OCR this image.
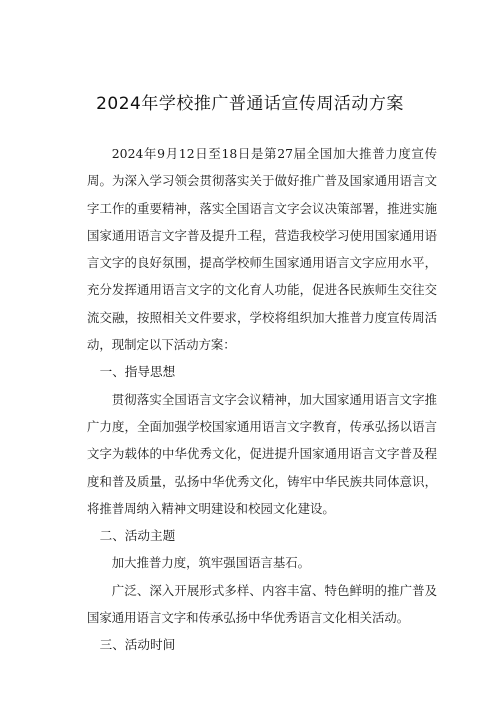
2024年学校推广普通话宣传周活动方案

2024年9月12日至18日是第27届全国加大推普力度宣传周。为深入学习领会贯彻落实关于做好推广普及国家通用语言文字工作的重要精神，落实全国语言文字会议决策部署，推进实施国家通用语言文字普及提升工程，营造我校学习使用国家通用语言文字的良好氛围，提高学校师生国家通用语言文字应用水平，充分发挥通用语言文字的文化育人功能，促进各民族师生交往交流交融，按照相关文件要求，学校将组织加大推普力度宣传周活动，现制定以下活动方案：

一、指导思想

贯彻落实全国语言文字会议精神，加大国家通用语言文字推广力度，全面加强学校国家通用语言文字教育，传承弘扬以语言文字为载体的中华优秀文化，促进提升国家通用语言文字普及程度和普及质量，弘扬中华优秀文化，铸牢中华民族共同体意识，将推普周纳入精神文明建设和校园文化建设。

二、活动主题

加大推普力度，筑牢强国语言基石。

广泛、深入开展形式多样、内容丰富、特色鲜明的推广普及国家通用语言文字和传承弘扬中华优秀语言文化相关活动。

三、活动时间
